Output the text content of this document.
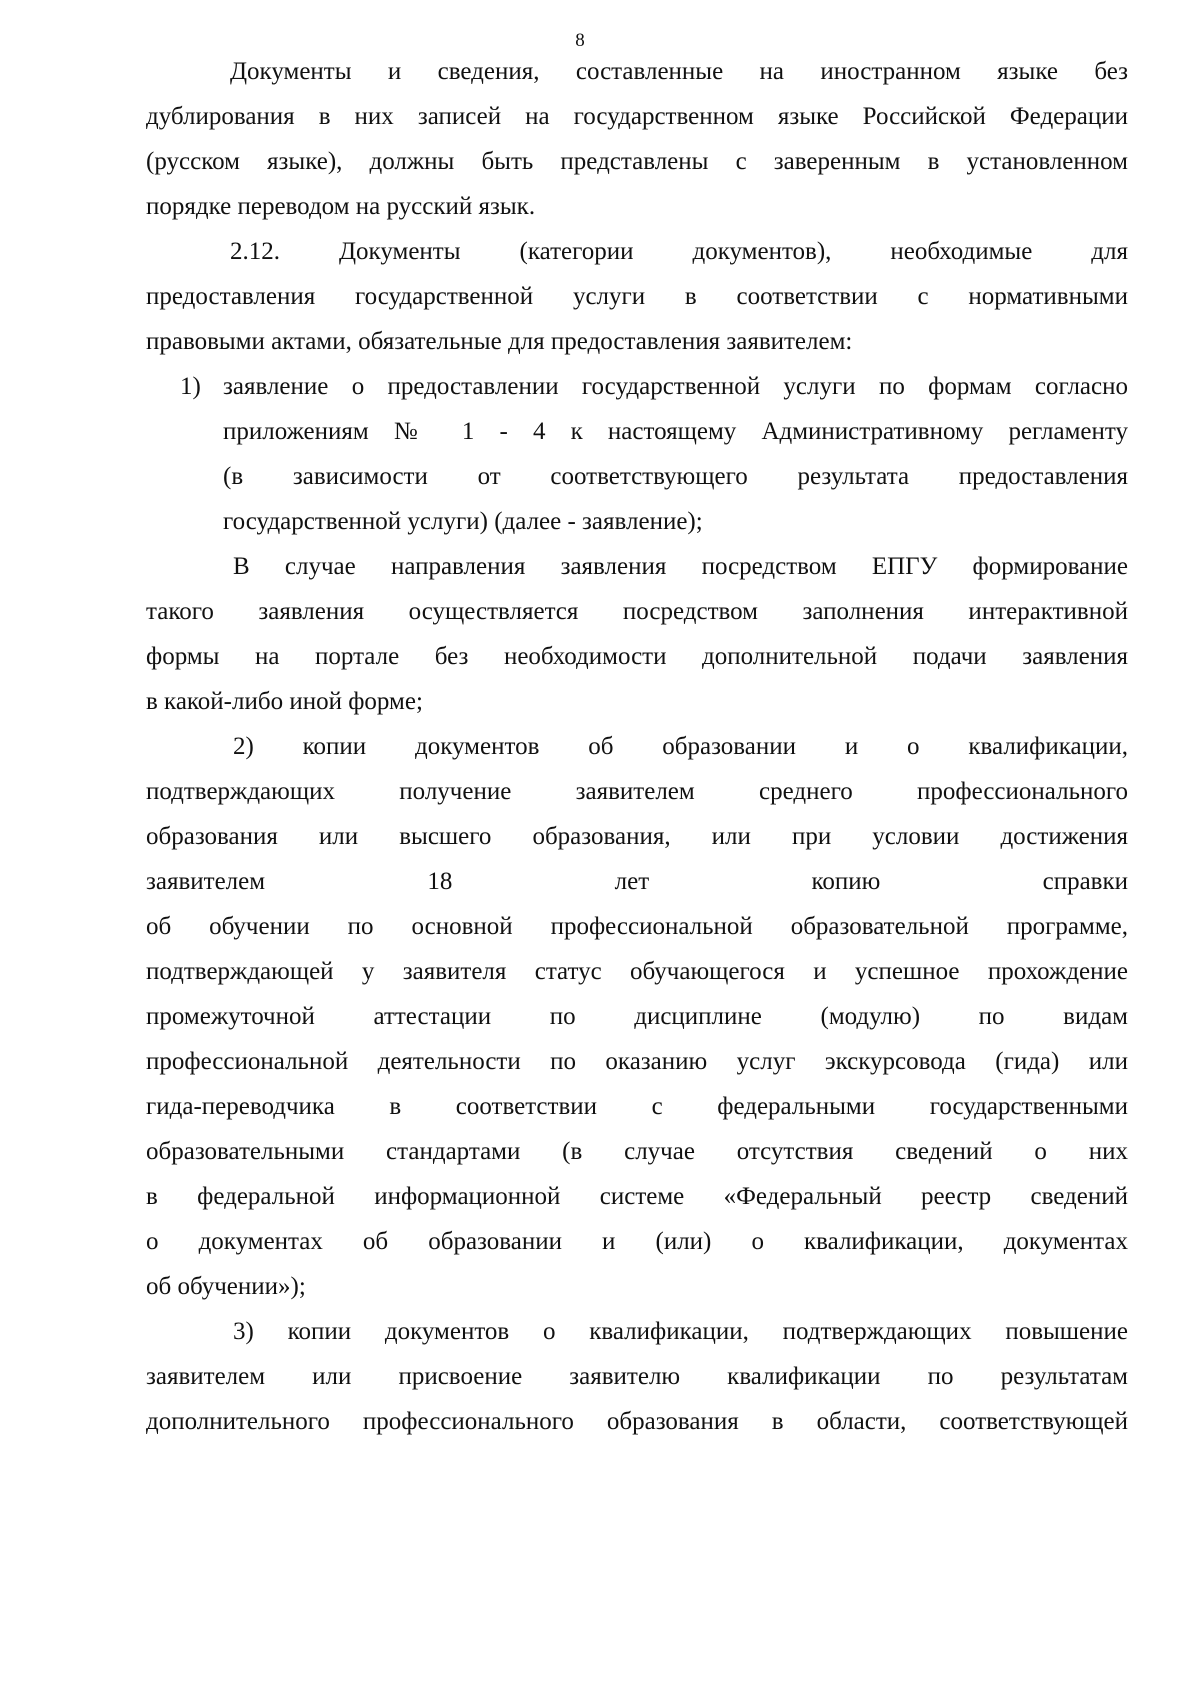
8
Документы и сведения, составленные на иностранном языке без
дублирования в них записей на государственном языке Российской Федерации
(русском языке), должны быть представлены с заверенным в установленном
порядке переводом на русский язык.
2.12. Документы (категории документов), необходимые для
предоставления государственной услуги в соответствии с нормативными
правовыми актами, обязательные для предоставления заявителем:
заявление о предоставлении государственной услуги по формам согласно
приложениям № 1 - 4 к настоящему Административному регламенту
(в зависимости от соответствующего результата предоставления
государственной услуги) (далее - заявление);
В случае направления заявления посредством ЕПГУ формирование
такого заявления осуществляется посредством заполнения интерактивной
формы на портале без необходимости дополнительной подачи заявления
в какой-либо иной форме;
2) копии документов об образовании и о квалификации,
подтверждающих получение заявителем среднего профессионального
образования или высшего образования, или при условии достижения
заявителем 18 лет копию справки
об обучении по основной профессиональной образовательной программе,
подтверждающей у заявителя статус обучающегося и успешное прохождение
промежуточной аттестации по дисциплине (модулю) по видам
профессиональной деятельности по оказанию услуг экскурсовода (гида) или
гида-переводчика в соответствии с федеральными государственными
образовательными стандартами (в случае отсутствия сведений о них
в федеральной информационной системе «Федеральный реестр сведений
о документах об образовании и (или) о квалификации, документах
об обучении»);
3) копии документов о квалификации, подтверждающих повышение
заявителем или присвоение заявителю квалификации по результатам
дополнительного профессионального образования в области, соответствующей
1)
